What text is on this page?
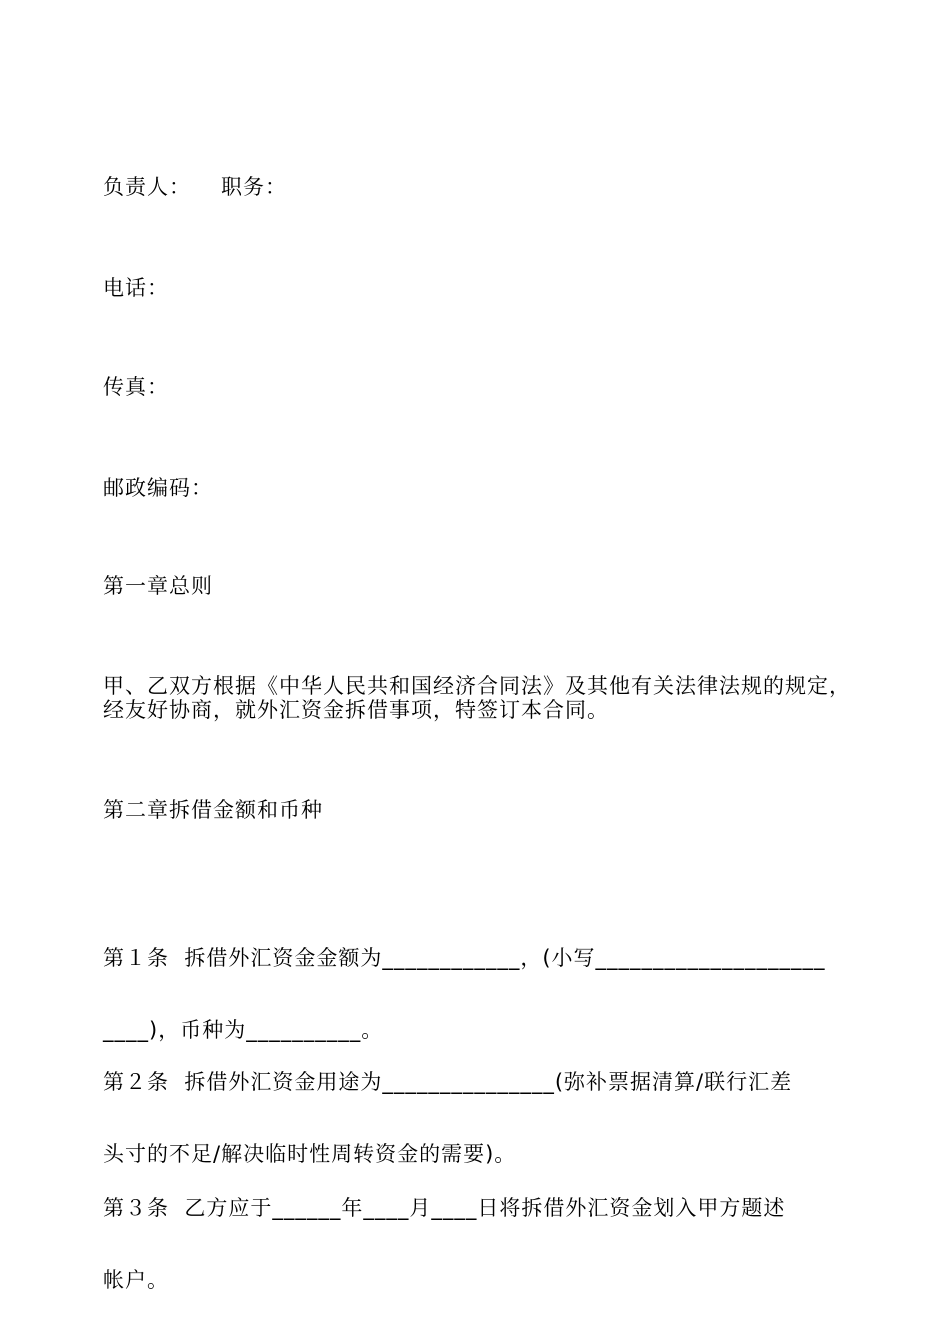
负责人： 职务：
电话：
传真：
邮政编码：
第一章总则
甲、乙双方根据《中华人民共和国经济合同法》及其他有关法律法规的规定，经友好协商，就外汇资金拆借事项，特签订本合同。
第二章拆借金额和币种

第１条  拆借外汇资金金额为____________，(小写____________________

____)，币种为__________。

第２条  拆借外汇资金用途为_______________(弥补票据清算/联行汇差

头寸的不足/解决临时性周转资金的需要)。

第３条  乙方应于______年____月____日将拆借外汇资金划入甲方题述

帐户。
